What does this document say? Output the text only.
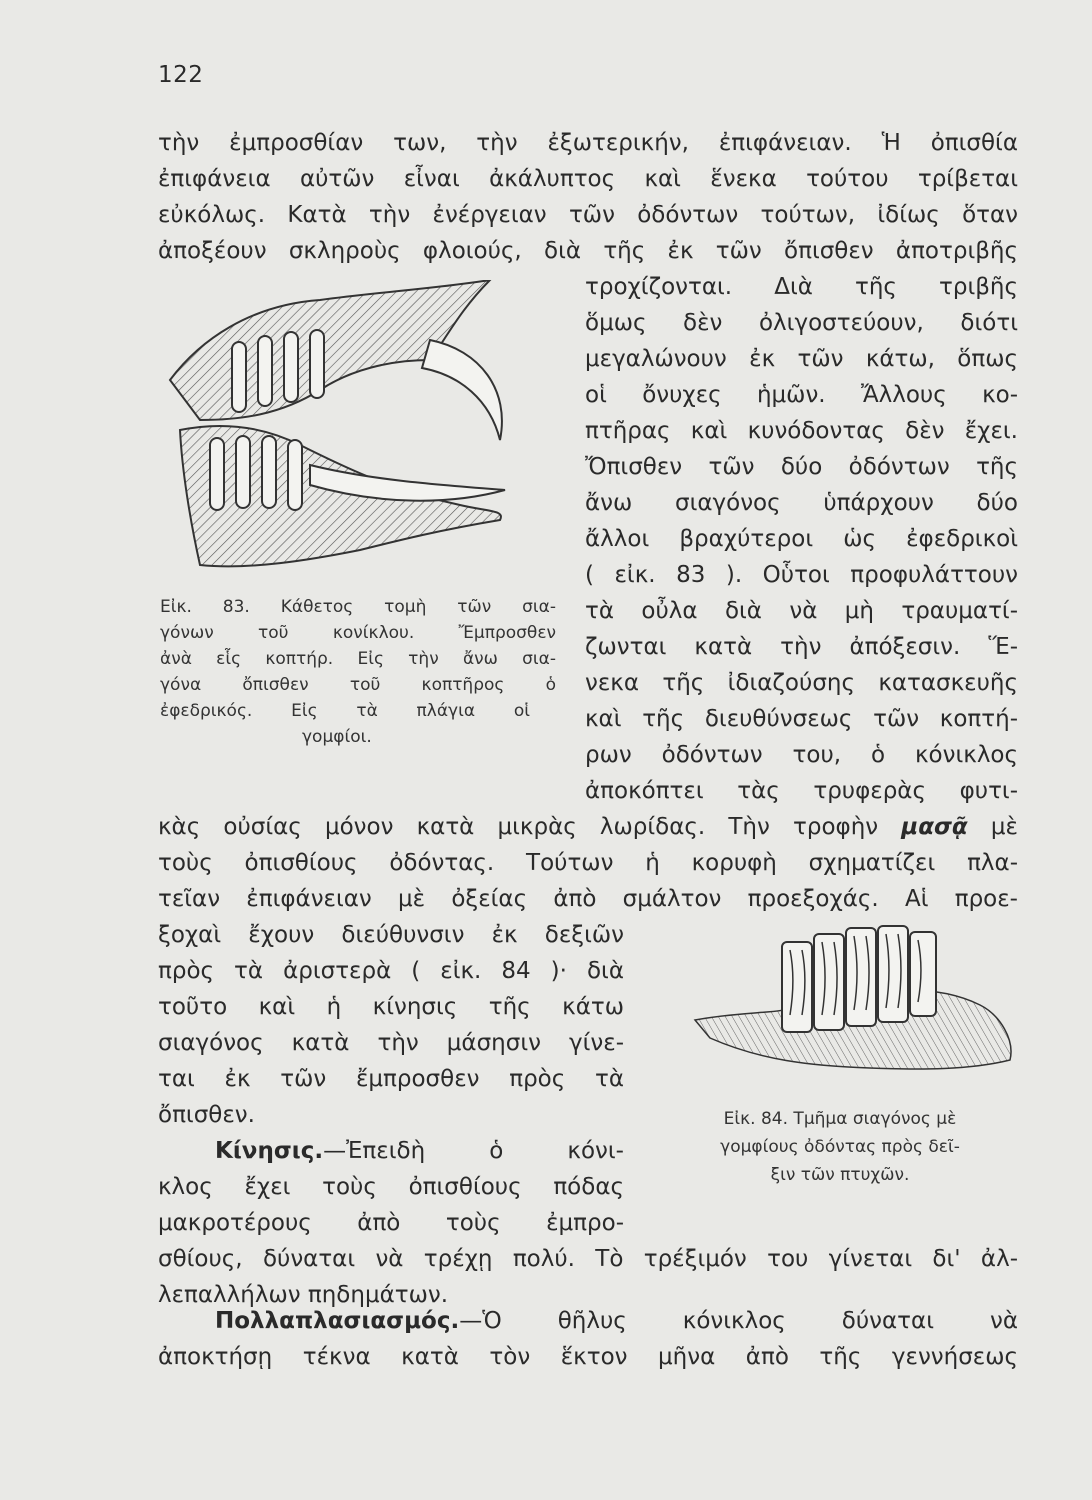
122
τὴν ἐμπροσθίαν των, τὴν ἐξωτερικήν, ἐπιφάνειαν. Ἡ ὀπισθία
ἐπιφάνεια αὐτῶν εἶναι ἀκάλυπτος καὶ ἕνεκα τούτου τρίβεται
εὐκόλως. Κατὰ τὴν ἐνέργειαν τῶν ὀδόντων τούτων, ἰδίως ὅταν
ἀποξέουν σκληροὺς φλοιούς, διὰ τῆς ἐκ τῶν ὄπισθεν ἀποτριβῆς
τροχίζονται. Διὰ τῆς τριβῆς
ὅμως δὲν ὀλιγοστεύουν, διότι
μεγαλώνουν ἐκ τῶν κάτω, ὅπως
οἱ ὄνυχες ἡμῶν. Ἄλλους κο-
πτῆρας καὶ κυνόδοντας δὲν ἔχει.
Ὄπισθεν τῶν δύο ὀδόντων τῆς
ἄνω σιαγόνος ὑπάρχουν δύο
ἄλλοι βραχύτεροι ὡς ἐφεδρικοὶ
( εἰκ. 83 ). Οὗτοι προφυλάττουν
τὰ οὖλα διὰ νὰ μὴ τραυματί-
ζωνται κατὰ τὴν ἀπόξεσιν. Ἕ-
νεκα τῆς ἰδιαζούσης κατασκευῆς
καὶ τῆς διευθύνσεως τῶν κοπτή-
ρων ὀδόντων του, ὁ κόνικλος
ἀποκόπτει τὰς τρυφερὰς φυτι-
Εἰκ. 83. Κάθετος τομὴ τῶν σια-
γόνων τοῦ κονίκλου. Ἔμπροσθεν
ἀνὰ εἷς κοπτήρ. Εἰς τὴν ἄνω σια-
γόνα ὄπισθεν τοῦ κοπτῆρος ὁ
ἐφεδρικός. Εἰς τὰ πλάγια οἱ
γομφίοι.
κὰς οὐσίας μόνον κατὰ μικρὰς λωρίδας. Τὴν τροφὴν μασᾷ μὲ
τοὺς ὀπισθίους ὀδόντας. Τούτων ἡ κορυφὴ σχηματίζει πλα-
τεῖαν ἐπιφάνειαν μὲ ὀξείας ἀπὸ σμάλτον προεξοχάς. Αἱ προε-
ξοχαὶ ἔχουν διεύθυνσιν ἐκ δεξιῶν
πρὸς τὰ ἀριστερὰ ( εἰκ. 84 )· διὰ
τοῦτο καὶ ἡ κίνησις τῆς κάτω
σιαγόνος κατὰ τὴν μάσησιν γίνε-
ται ἐκ τῶν ἔμπροσθεν πρὸς τὰ
ὄπισθεν.
Κίνησις.—Ἐπειδὴ ὁ κόνι-
κλος ἔχει τοὺς ὀπισθίους πόδας
μακροτέρους ἀπὸ τοὺς ἐμπρο-
σθίους, δύναται νὰ τρέχῃ πολύ. Τὸ τρέξιμόν του γίνεται δι' ἀλ-
λεπαλλήλων πηδημάτων.
Εἰκ. 84. Τμῆμα σιαγόνος μὲ
γομφίους ὀδόντας πρὸς δεῖ-
ξιν τῶν πτυχῶν.
Πολλαπλασιασμός.—Ὁ θῆλυς κόνικλος δύναται νὰ
ἀποκτήσῃ τέκνα κατὰ τὸν ἕκτον μῆνα ἀπὸ τῆς γεννήσεως
